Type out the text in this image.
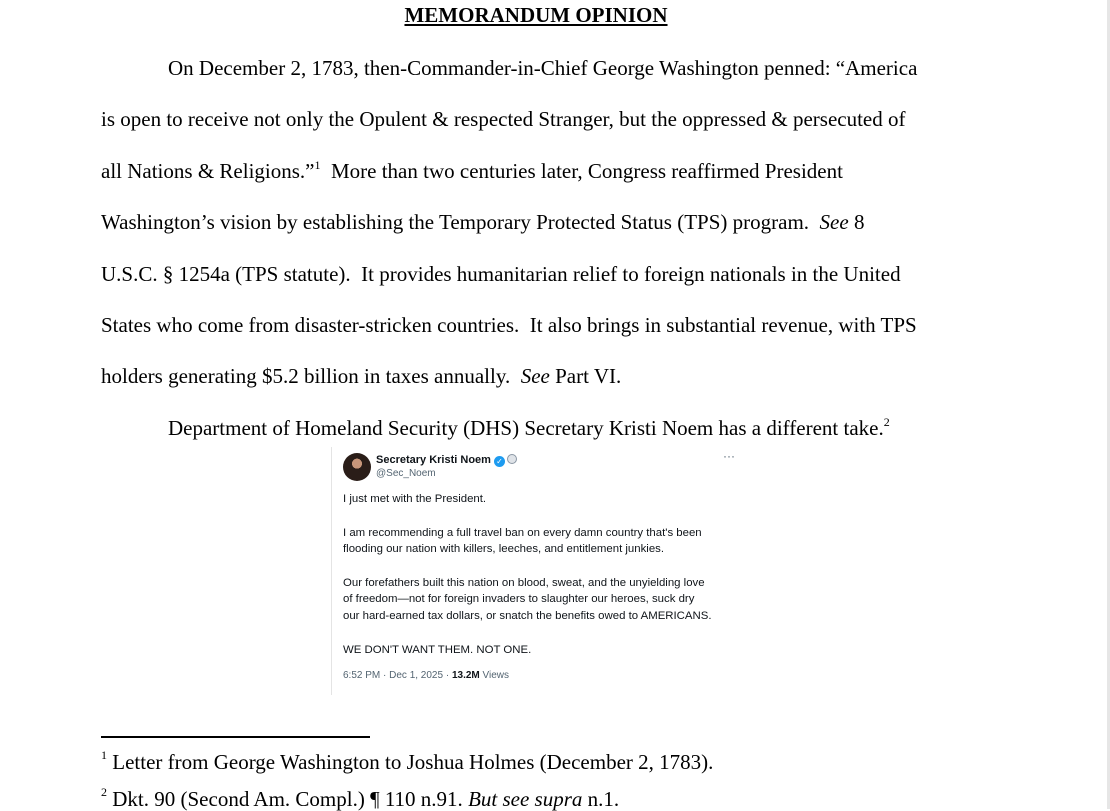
MEMORANDUM OPINION
On December 2, 1783, then-Commander-in-Chief George Washington penned: “America
is open to receive not only the Opulent & respected Stranger, but the oppressed & persecuted of
all Nations & Religions.”$^1$  More than two centuries later, Congress reaffirmed President
Washington’s vision by establishing the Temporary Protected Status (TPS) program.  See 8
U.S.C. § 1254a (TPS statute).  It provides humanitarian relief to foreign nationals in the United
States who come from disaster-stricken countries.  It also brings in substantial revenue, with TPS
holders generating $5.2 billion in taxes annually.  See Part VI.
Department of Homeland Security (DHS) Secretary Kristi Noem has a different take.$^2$
Secretary Kristi Noem ✓
@Sec_Noem
···
I just met with the President.
I am recommending a full travel ban on every damn country that's been
flooding our nation with killers, leeches, and entitlement junkies.
Our forefathers built this nation on blood, sweat, and the unyielding love
of freedom—not for foreign invaders to slaughter our heroes, suck dry
our hard-earned tax dollars, or snatch the benefits owed to AMERICANS.
WE DON'T WANT THEM. NOT ONE.
6:52 PM · Dec 1, 2025 · 13.2M Views
$^1$ Letter from George Washington to Joshua Holmes (December 2, 1783).
$^2$ Dkt. 90 (Second Am. Compl.) ¶ 110 n.91. But see supra n.1.
